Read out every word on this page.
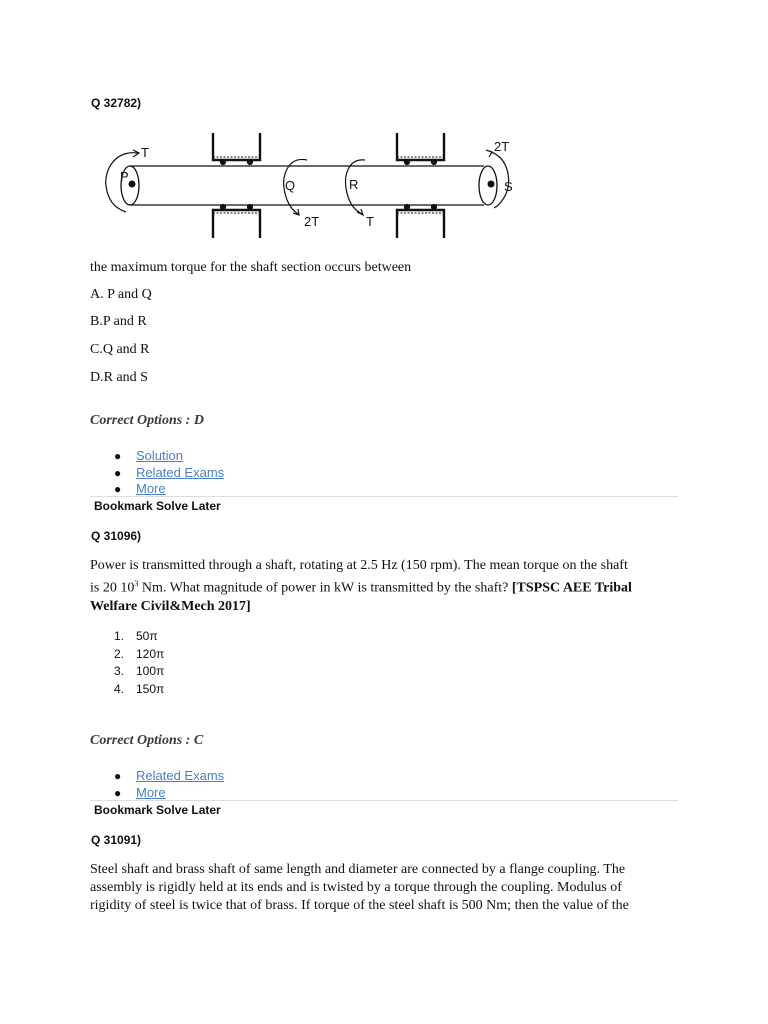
Q 32782)
T
P
Q
2T
R
T
2T
S
the maximum torque for the shaft section occurs between
A. P and Q
B.P and R
C.Q and R
D.R and S
Correct Options : D
● Solution
● Related Exams
● More
Bookmark Solve Later
Q 31096)
Power is transmitted through a shaft, rotating at 2.5 Hz (150 rpm). The mean torque on the shaft
is 20 $10^3$ Nm. What magnitude of power in kW is transmitted by the shaft? [TSPSC AEE Tribal
Welfare Civil&Mech 2017]
1. 50π
2. 120π
3. 100π
4. 150π
Correct Options : C
● Related Exams
● More
Bookmark Solve Later
Q 31091)
Steel shaft and brass shaft of same length and diameter are connected by a flange coupling. The
assembly is rigidly held at its ends and is twisted by a torque through the coupling. Modulus of
rigidity of steel is twice that of brass. If torque of the steel shaft is 500 Nm; then the value of the
